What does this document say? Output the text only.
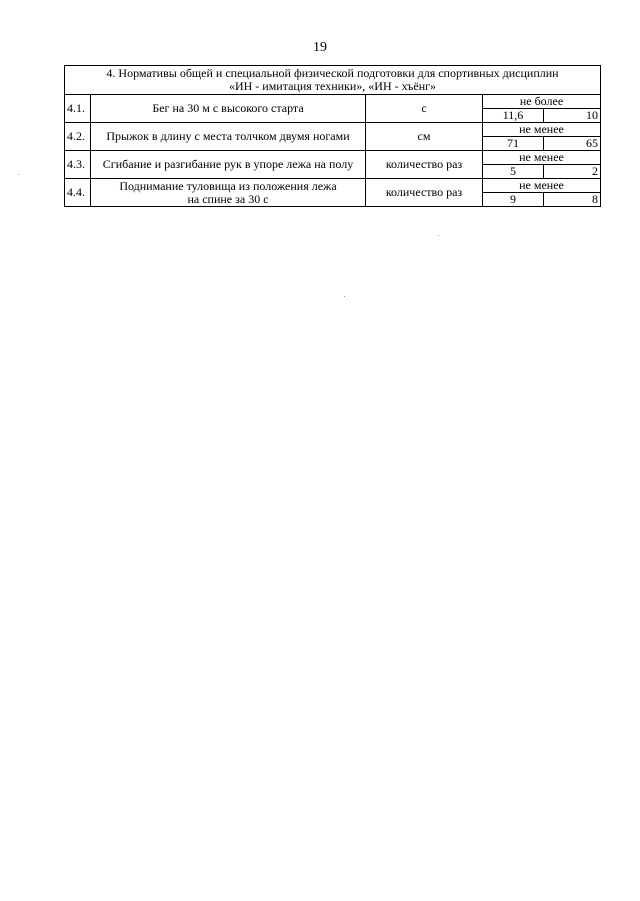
19
4. Нормативы общей и специальной физической подготовки для спортивных дисциплин
«ИН - имитация техники», «ИН - хъёнг»				
4.1.	Бег на 30 м с высокого старта	с	не более	
			11,6	10
4.2.	Прыжок в длину с места толчком двумя ногами	см	не менее	
			71	65
4.3.	Сгибание и разгибание рук в упоре лежа на полу	количество раз	не менее	
			5	2
4.4.	Поднимание туловища из положения лежа
на спине за 30 с	количество раз	не менее	
			9	8
